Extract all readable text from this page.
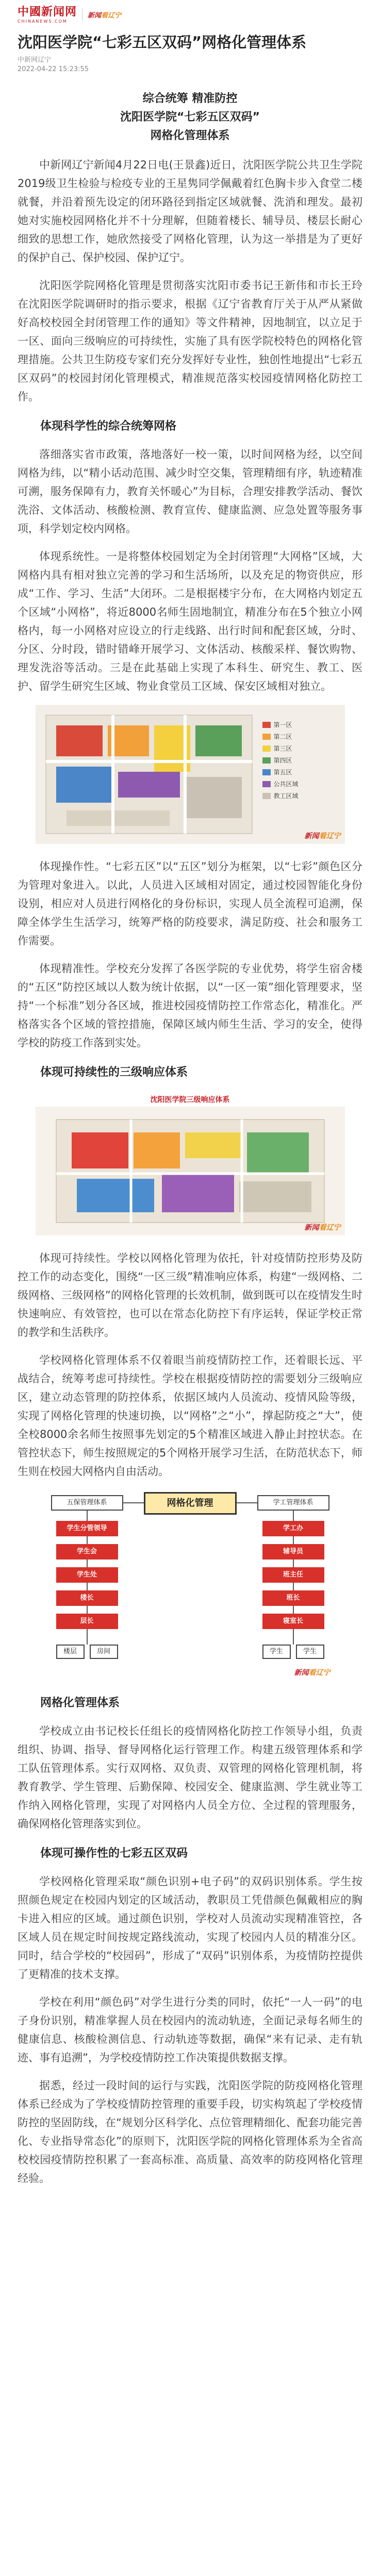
中國新闻网
CHINANEWS.COM
新闻看辽宁
沈阳医学院“七彩五区双码”网格化管理体系
中新网辽宁
2022-04-22 15:23:55
综合统筹 精准防控
沈阳医学院“七彩五区双码”
网格化管理体系

中新网辽宁新闻4月22日电(王景鑫)近日，沈阳医学院公共卫生学院 2019级卫生检验与检疫专业的王星隽同学佩戴着红色胸卡步入食堂二楼就餐，并沿着预先设定的闭环路径到指定区域就餐、洗消和理发。最初她对实施校园网格化并不十分理解，但随着楼长、辅导员、楼层长耐心细致的思想工作，她欣然接受了网格化管理，认为这一举措是为了更好的保护自己、保护校园、保护辽宁。

沈阳医学院网格化管理是贯彻落实沈阳市委书记王新伟和市长王玲在沈阳医学院调研时的指示要求，根据《辽宁省教育厅关于从严从紧做好高校校园全封闭管理工作的通知》等文件精神，因地制宜，以立足于一区、面向三级响应的可持续性，实施了具有医学院校特色的网格化管理措施。公共卫生防疫专家们充分发挥好专业性，独创性地提出“七彩五区双码”的校园封闭化管理模式，精准规范落实校园疫情网格化防控工作。

体现科学性的综合统筹网格

落细落实省市政策，落地落好一校一策，以时间网格为经，以空间网格为纬，以“精小话动范围、减少时空交集，管理精细有序，轨迹精准可溯，服务保障有力，教育关怀暖心”为目标，合理安排教学活动、餐饮洗浴、文体活动、核酸检测、教育宣传、健康监测、应急处置等服务事项，科学划定校内网格。

体现系统性。一是将整体校园划定为全封闭管理“大网格”区域，大网格内具有相对独立完善的学习和生活场所，以及充足的物资供应，形成“工作、学习、生活”大闭环。二是根据楼宇分布，在大网格内划定五个区域“小网格”，将近8000名师生固地制宜，精准分布在5个独立小网格内，每一小网格对应设立的行走线路、出行时间和配套区域，分时、分区、分时段，错时错峰开展学习、文体活动、核酸采样、餐饮购物、理发洗浴等活动。三是在此基础上实现了本科生、研究生、教工、医护、留学生研究生区域、物业食堂员工区域、保安区域相对独立。

第一区
第二区
第三区
第四区
第五区
公共区域
教工区域
新闻看辽宁

体现操作性。“七彩五区”以“五区”划分为框架，以“七彩”颜色区分为管理对象进入。以此，人员进入区域相对固定，通过校园智能化身份设别，相应对人员进行网格化的身份标识，实现人员全流程可追溯，保障全体学生生活学习，统筹严格的防疫要求，满足防疫、社会和服务工作需要。

体现精准性。学校充分发挥了各医学院的专业优势，将学生宿舍楼的“五区”防控区域以人数为统计依据，以“一区一策”细化管理要求，坚持“一个标准”划分各区域，推进校园疫情防控工作常态化，精准化。严格落实各个区域的管控措施，保障区域内师生生活、学习的安全，使得学校的防疫工作落到实处。

体现可持续性的三级响应体系
沈阳医学院三级响应体系
新闻看辽宁

体现可持续性。学校以网格化管理为依托，针对疫情防控形势及防控工作的动态变化，围绕“一区三级”精准响应体系，构建“一级网格、二级网格、三级网格”的网格化管理的长效机制，做到既可以在疫情发生时快速响应、有效管控，也可以在常态化防控下有序运转，保证学校正常的教学和生活秩序。

学校网格化管理体系不仅着眼当前疫情防控工作，还着眼长远、平战结合，统筹考虑可持续性。学校在根据疫情防控的需要划分三级响应区，建立动态管理的防控体系，依据区域内人员流动、疫情风险等级，实现了网格化管理的快速切换，以“网格”之“小”，撑起防疫之“大”，使全校8000余名师生按照事先划定的5个精准区域进入静止封控状态。在管控状态下，师生按照规定的5个网格开展学习生活，在防范状态下，师生则在校园大网格内自由活动。

五保管理体系	网格化管理	学工管理体系
学生分管领导
学生会
学生处
楼长
层长
学工办
辅导员
班主任
班长
寝室长
楼层	房间	学生	学生
新闻看辽宁
网格化管理体系

学校成立由书记校长任组长的疫情网格化防控工作领导小组，负责组织、协调、指导、督导网格化运行管理工作。构建五级管理体系和学工队伍管理体系。实行双网格、双负责、双管理的网格化管理机制，将教育教学、学生管理、后勤保障、校园安全、健康监测、学生就业等工作纳入网格化管理，实现了对网格内人员全方位、全过程的管理服务，确保网格化管理落实到位。

体现可操作性的七彩五区双码

学校网格化管理采取“颜色识别+电子码”的双码识别体系。学生按照颜色规定在校园内划定的区域活动，教职员工凭借颜色佩戴相应的胸卡进入相应的区域。通过颜色识别，学校对人员流动实现精准管控，各区域人员在规定时间按规定路线流动，实现了校园内人员的精准分区。同时，结合学校的“校园码”，形成了“双码”识别体系，为疫情防控提供了更精准的技术支撑。

学校在利用“颜色码”对学生进行分类的同时，依托“一人一码”的电子身份识别，精准掌握人员在校园内的流动轨迹，全面记录每名师生的健康信息、核酸检测信息、行动轨迹等数据，确保“来有记录、走有轨迹、事有追溯”，为学校疫情防控工作决策提供数据支撑。

据悉，经过一段时间的运行与实践，沈阳医学院的防疫网格化管理体系已经成为了学校疫情防控管理的重要手段，切实构筑起了学校疫情防控的坚固防线，在“规划分区科学化、点位管理精细化、配套功能完善化、专业指导常态化”的原则下，沈阳医学院的网格化管理体系为全省高校校园疫情防控积累了一套高标准、高质量、高效率的防疫网格化管理经验。
